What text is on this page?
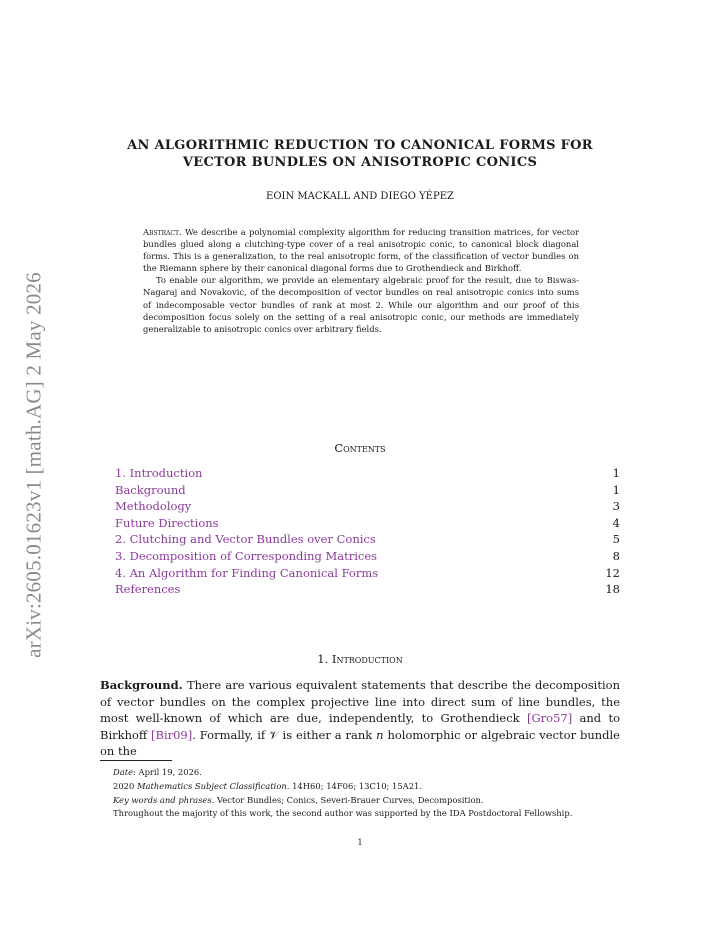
arXiv:2605.01623v1 [math.AG] 2 May 2026
AN ALGORITHMIC REDUCTION TO CANONICAL FORMS FOR
VECTOR BUNDLES ON ANISOTROPIC CONICS
EOIN MACKALL AND DIEGO YÉPEZ

Abstract. We describe a polynomial complexity algorithm for reducing transition matrices, for vector bundles glued along a clutching-type cover of a real anisotropic conic, to canonical block diagonal forms. This is a generalization, to the real anisotropic form, of the classification of vector bundles on the Riemann sphere by their canonical diagonal forms due to Grothendieck and Birkhoff.

To enable our algorithm, we provide an elementary algebraic proof for the result, due to Biswas-Nagaraj and Novakovic, of the decomposition of vector bundles on real anisotropic conics into sums of indecomposable vector bundles of rank at most 2. While our algorithm and our proof of this decomposition focus solely on the setting of a real anisotropic conic, our methods are immediately generalizable to anisotropic conics over arbitrary fields.

Contents
1. Introduction	1
Background	1
Methodology	3
Future Directions	4
2. Clutching and Vector Bundles over Conics	5
3. Decomposition of Corresponding Matrices	8
4. An Algorithm for Finding Canonical Forms	12
References	18
1. Introduction

Background. There are various equivalent statements that describe the decomposition of vector bundles on the complex projective line into direct sum of line bundles, the most well-known of which are due, independently, to Grothendieck [Gro57] and to Birkhoff [Bir09]. Formally, if 𝒱 is either a rank n holomorphic or algebraic vector bundle on the

Date: April 19, 2026.

2020 Mathematics Subject Classification. 14H60; 14F06; 13C10; 15A21.

Key words and phrases. Vector Bundles; Conics, Severi-Brauer Curves, Decomposition.

Throughout the majority of this work, the second author was supported by the IDA Postdoctoral Fellowship.

1
